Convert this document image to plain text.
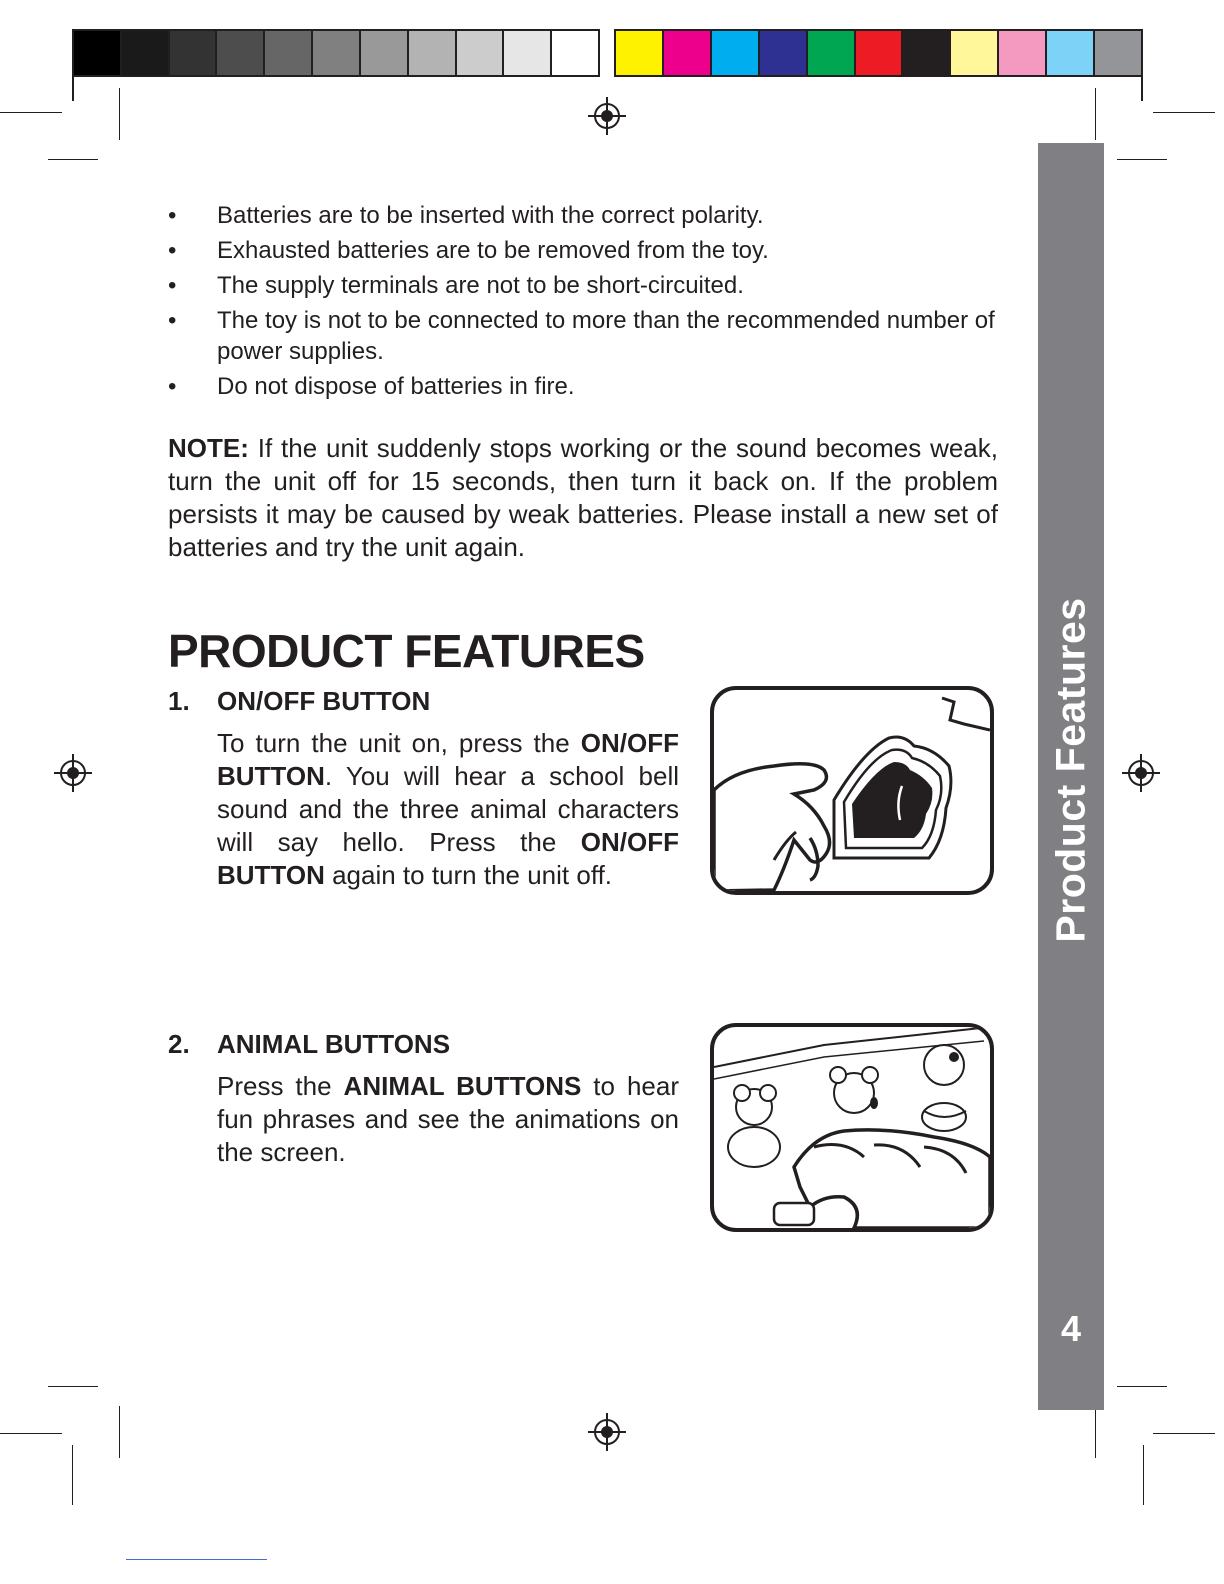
Product Features
4
• Batteries are to be inserted with the correct polarity.
• Exhausted batteries are to be removed from the toy.
• The supply terminals are not to be short-circuited.
• The toy is not to be connected to more than the recommended number of power supplies.
• Do not dispose of batteries in fire.

NOTE: If the unit suddenly stops working or the sound becomes weak, turn the unit off for 15 seconds, then turn it back on. If the problem persists it may be caused by weak batteries. Please install a new set of batteries and try the unit again.

PRODUCT FEATURES
1. ON/OFF BUTTON

To turn the unit on, press the ON/OFF BUTTON. You will hear a school bell sound and the three animal characters will say hello. Press the ON/OFF BUTTON again to turn the unit off.

2. ANIMAL BUTTONS

Press the ANIMAL BUTTONS to hear fun phrases and see the animations on the screen.
